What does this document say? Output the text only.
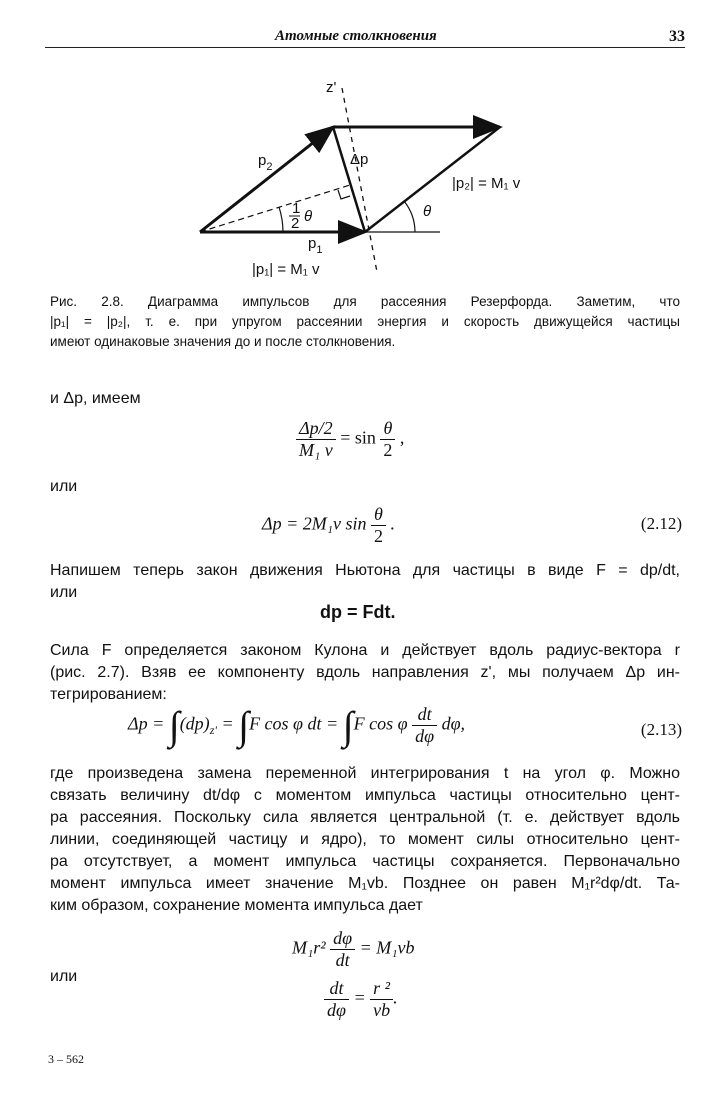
Атомные столкновения	33
z'
Δp
$p_2$
$p_1$
1
2 θ	θ
|p₂| = M₁ v
|p₁| = M₁ v
Рис. 2.8. Диаграмма импульсов для рассеяния Резерфорда. Заметим, что
|p₁| = |p₂|, т. е. при упругом рассеянии энергия и скорость движущейся частицы
имеют одинаковые значения до и после столкновения.
и Δp, имеем
$\frac{\Delta p/2}{\text{M₁ v}} = \sin \frac{\theta}{2}$ ,
или
Δp = 2M₁v $\sin \frac{\theta}{2}$ .	(2.12)
Напишем теперь закон движения Ньютона для частицы в виде F = dp/dt,
или
dp = Fdt.
Сила F определяется законом Кулона и действует вдоль радиус-вектора r
(рис. 2.7). Взяв ее компоненту вдоль направления z', мы получаем Δp ин-
тегрированием:
$\Delta p = \int(dp)_{z'} = \int F$ cos φ dt = ∫F cos φ $\frac{dt}{d\varphi} d\varphi$,	(2.13)
где произведена замена переменной интегрирования t на угол φ. Можно
связать величину dt/dφ с моментом импульса частицы относительно цент-
ра рассеяния. Поскольку сила является центральной (т. е. действует вдоль
линии, соединяющей частицу и ядро), то момент силы относительно цент-
ра отсутствует, а момент импульса частицы сохраняется. Первоначально
момент импульса имеет значение M₁vb. Позднее он равен M₁r²dφ/dt. Та-
ким образом, сохранение момента импульса дает
$M_1r^2 \frac{d\varphi}{dt} = M_1vb$
или
$\frac{dt}{d\varphi} = \frac{\text{r ²}}{vb}$ .
3 – 562
